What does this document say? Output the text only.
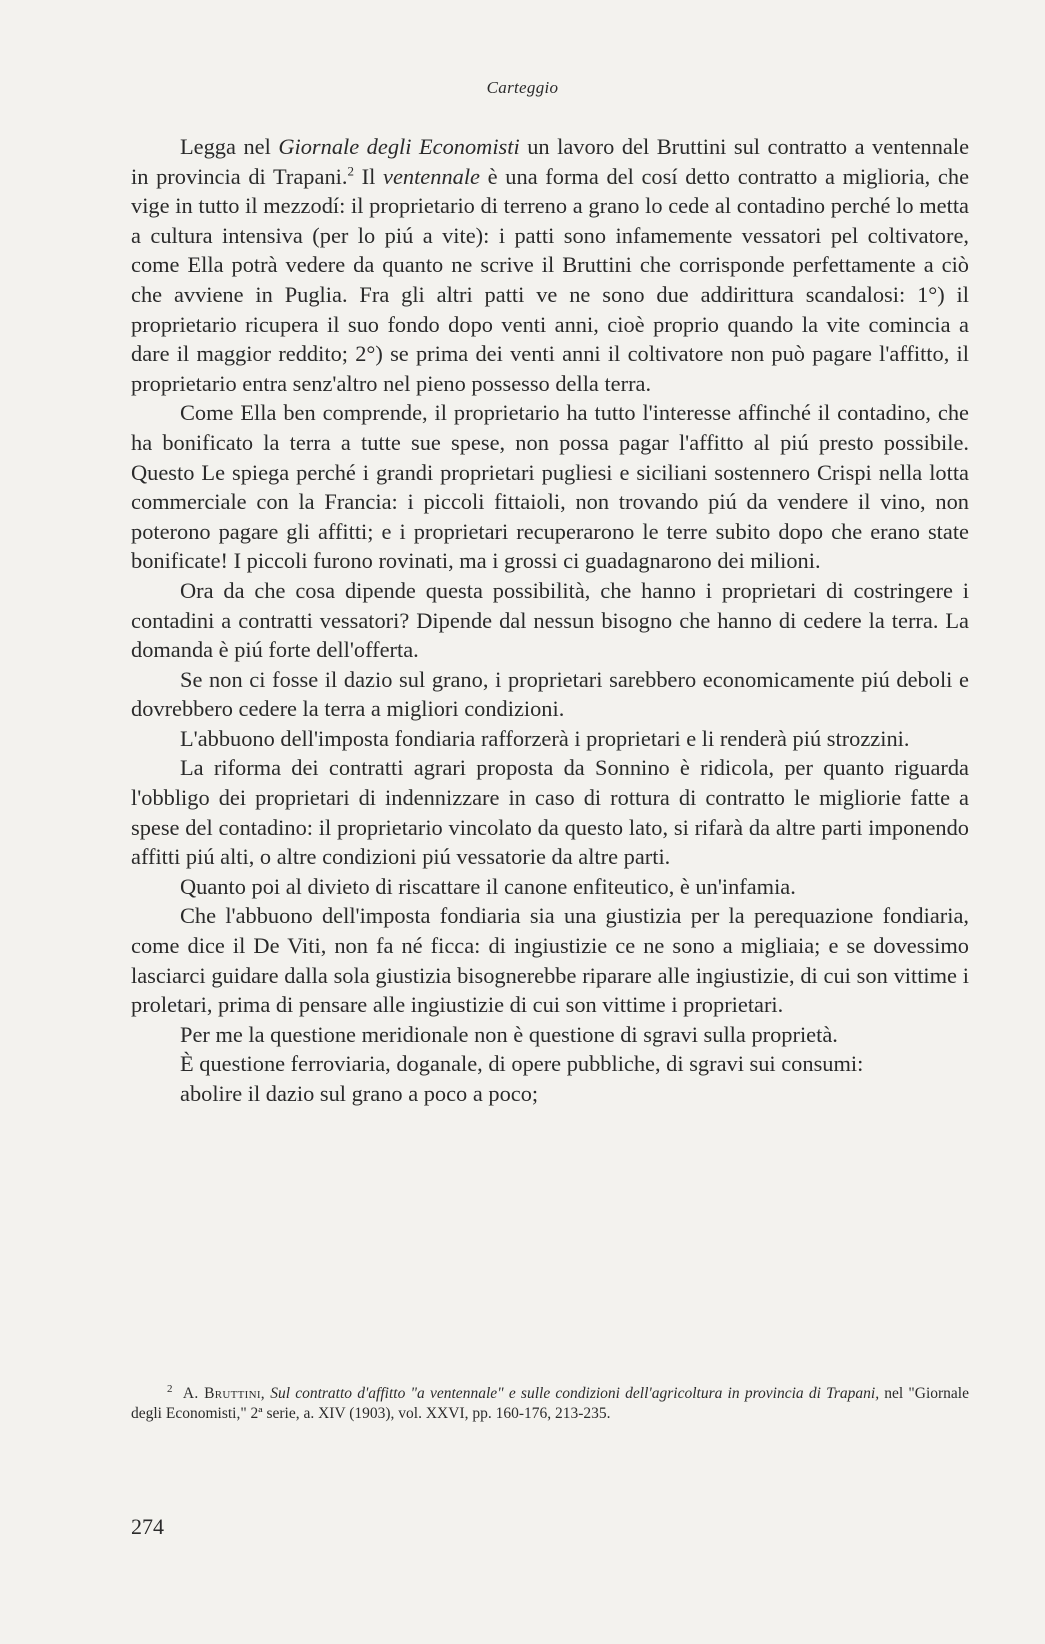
Carteggio

Legga nel Giornale degli Economisti un lavoro del Bruttini sul contratto a ventennale in provincia di Trapani.$^2$ Il ventennale è una forma del cosí detto contratto a miglioria, che vige in tutto il mezzodí: il proprietario di terreno a grano lo cede al contadino perché lo metta a cultura intensiva (per lo piú a vite): i patti sono infamemente vessatori pel coltivatore, come Ella potrà vedere da quanto ne scrive il Bruttini che corrisponde perfettamente a ciò che avviene in Puglia. Fra gli altri patti ve ne sono due addirittura scandalosi: 1°) il proprietario ricupera il suo fondo dopo venti anni, cioè proprio quando la vite comincia a dare il maggior reddito; 2°) se prima dei venti anni il coltivatore non può pagare l'affitto, il proprietario entra senz'altro nel pieno possesso della terra.

Come Ella ben comprende, il proprietario ha tutto l'interesse affinché il contadino, che ha bonificato la terra a tutte sue spese, non possa pagar l'affitto al piú presto possibile. Questo Le spiega perché i grandi proprietari pugliesi e siciliani sostennero Crispi nella lotta commerciale con la Francia: i piccoli fittaioli, non trovando piú da vendere il vino, non poterono pagare gli affitti; e i proprietari recuperarono le terre subito dopo che erano state bonificate! I piccoli furono rovinati, ma i grossi ci guadagnarono dei milioni.

Ora da che cosa dipende questa possibilità, che hanno i proprietari di costringere i contadini a contratti vessatori? Dipende dal nessun bisogno che hanno di cedere la terra. La domanda è piú forte dell'offerta.

Se non ci fosse il dazio sul grano, i proprietari sarebbero economicamente piú deboli e dovrebbero cedere la terra a migliori condizioni.

L'abbuono dell'imposta fondiaria rafforzerà i proprietari e li renderà piú strozzini.

La riforma dei contratti agrari proposta da Sonnino è ridicola, per quanto riguarda l'obbligo dei proprietari di indennizzare in caso di rottura di contratto le migliorie fatte a spese del contadino: il proprietario vincolato da questo lato, si rifarà da altre parti imponendo affitti piú alti, o altre condizioni piú vessatorie da altre parti.

Quanto poi al divieto di riscattare il canone enfiteutico, è un'infamia.

Che l'abbuono dell'imposta fondiaria sia una giustizia per la perequazione fondiaria, come dice il De Viti, non fa né ficca: di ingiustizie ce ne sono a migliaia; e se dovessimo lasciarci guidare dalla sola giustizia bisognerebbe riparare alle ingiustizie, di cui son vittime i proletari, prima di pensare alle ingiustizie di cui son vittime i proprietari.

Per me la questione meridionale non è questione di sgravi sulla proprietà.

È questione ferroviaria, doganale, di opere pubbliche, di sgravi sui consumi:

abolire il dazio sul grano a poco a poco;

$^2$ A. Bruttini, Sul contratto d'affitto "a ventennale" e sulle condizioni dell'agricoltura in provincia di Trapani, nel "Giornale degli Economisti," 2ª serie, a. XIV (1903), vol. XXVI, pp. 160-176, 213-235.
274
